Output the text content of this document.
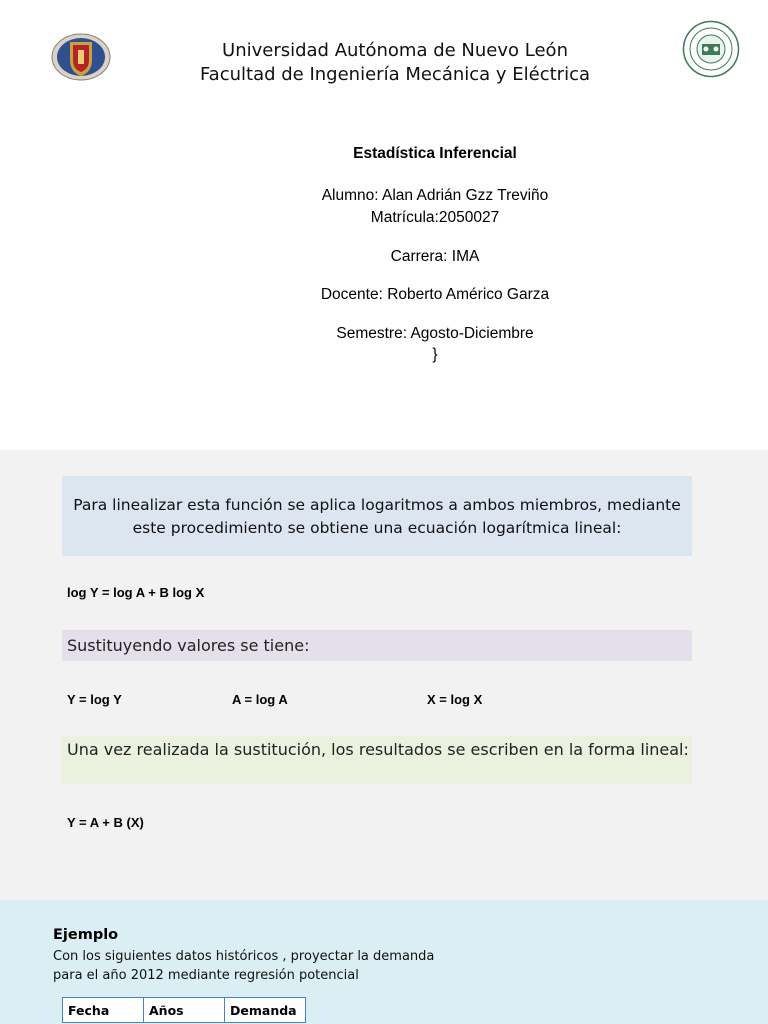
Universidad Autónoma de Nuevo León
Facultad de Ingeniería Mecánica y Eléctrica
Estadística Inferencial
Alumno: Alan Adrián Gzz Treviño
Matrícula:2050027
Carrera: IMA
Docente: Roberto Américo Garza
Semestre: Agosto-Diciembre
}
Para linealizar esta función se aplica logaritmos a ambos miembros, mediante
este procedimiento se obtiene una ecuación logarítmica lineal:
log Y = log A + B log X
Sustituyendo valores se tiene:
Y = log Y	A = log A	X = log X
Una vez realizada la sustitución, los resultados se escriben en la forma lineal:
Y = A + B (X)
Ejemplo
Con los siguientes datos históricos , proyectar la demanda
para el año 2012 mediante regresión potencial
Fecha	Años	Demanda
